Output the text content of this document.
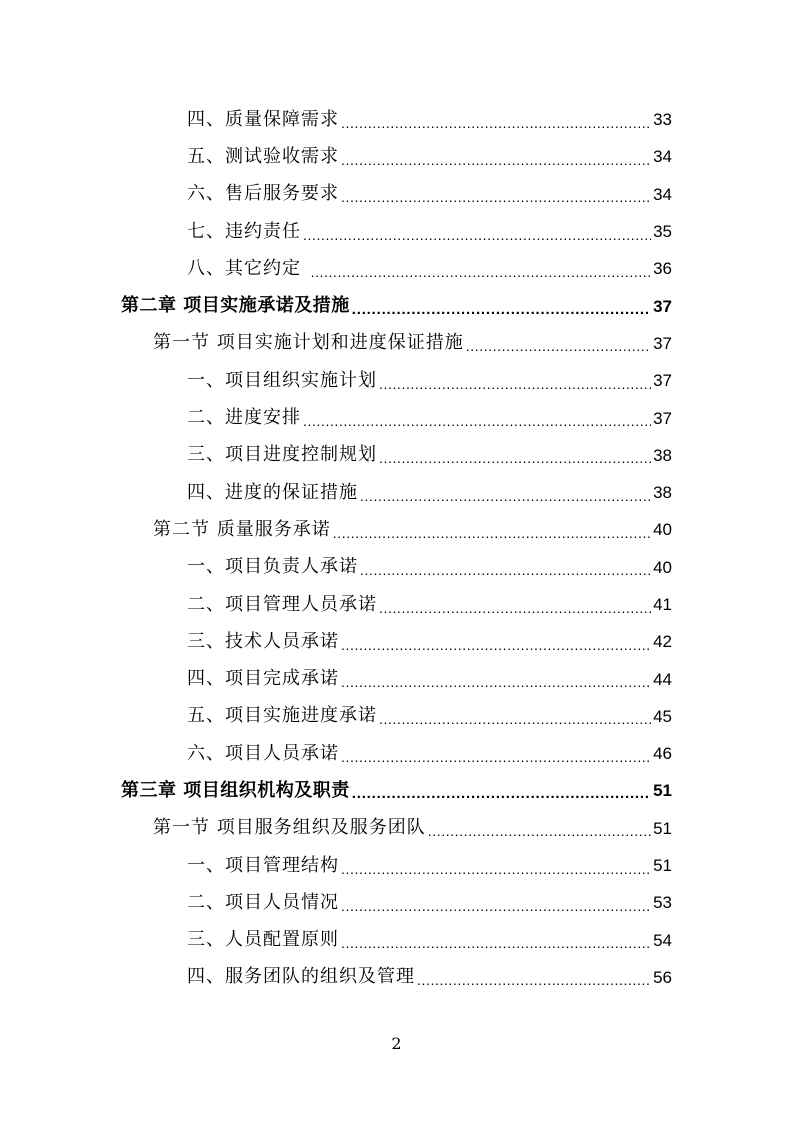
四、质量保障需求 .....	33
五、测试验收需求 .....	34
六、售后服务要求 .....	34
七、违约责任 .....	35
八、其它约定 .....	36
第二章 项目实施承诺及措施 .....	37
第一节 项目实施计划和进度保证措施 .....	37
一、项目组织实施计划 .....	37
二、进度安排 .....	37
三、项目进度控制规划 .....	38
四、进度的保证措施 .....	38
第二节 质量服务承诺 .....	40
一、项目负责人承诺 .....	40
二、项目管理人员承诺 .....	41
三、技术人员承诺 .....	42
四、项目完成承诺 .....	44
五、项目实施进度承诺 .....	45
六、项目人员承诺 .....	46
第三章 项目组织机构及职责 .....	51
第一节 项目服务组织及服务团队 .....	51
一、项目管理结构 .....	51
二、项目人员情况 .....	53
三、人员配置原则 .....	54
四、服务团队的组织及管理 .....	56
2
